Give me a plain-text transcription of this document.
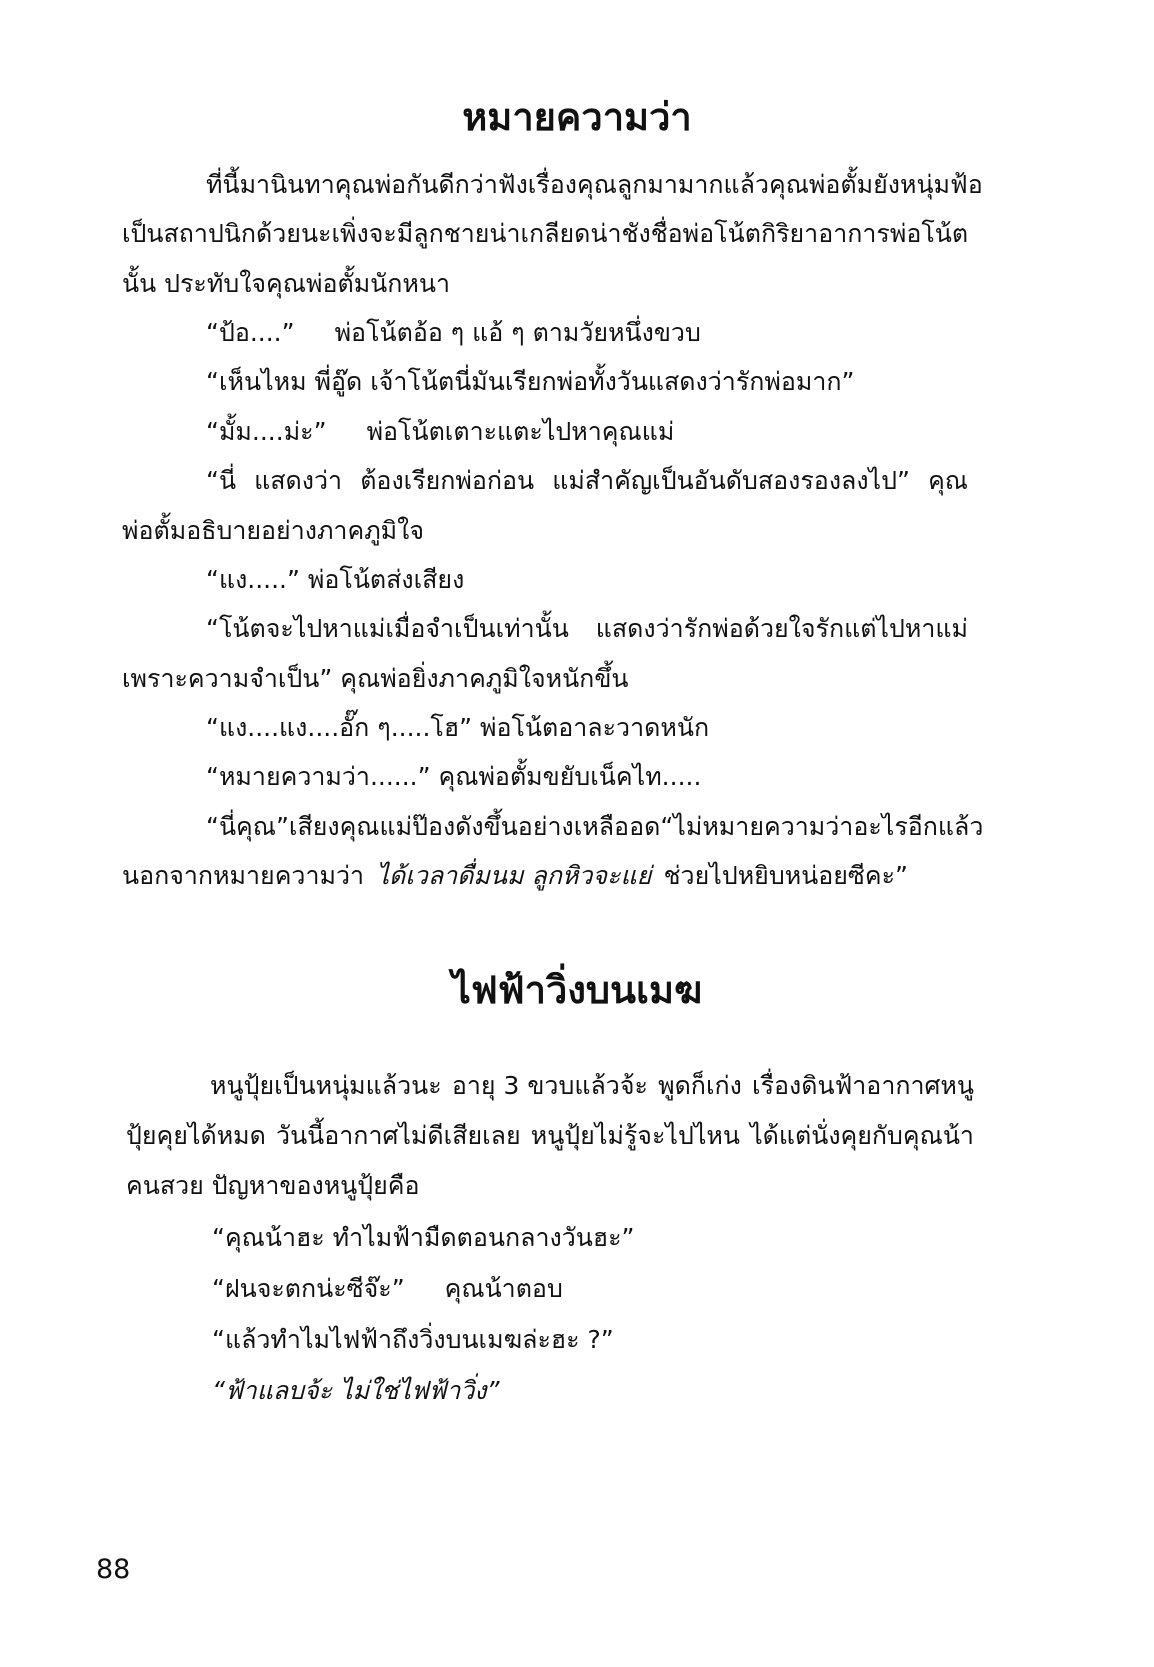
หมายความว่า

ที่นี้มานินทาคุณพ่อกันดีกว่าฟังเรื่องคุณลูกมามากแล้ว คุณพ่อตั้มยังหนุ่มฟ้อ

เป็นสถาปนิกด้วยนะ เพิ่งจะมีลูกชายน่าเกลียดน่าชังชื่อพ่อโน้ต กิริยาอาการพ่อโน้ต

นั้น ประทับใจคุณพ่อตั้มนักหนา

“ป้อ....” พ่อโน้ตอ้อ ๆ แอ้ ๆ ตามวัยหนึ่งขวบ

“เห็นไหม พี่อู๊ด เจ้าโน้ตนี่มันเรียกพ่อทั้งวันแสดงว่ารักพ่อมาก”

“มั้ม....ม่ะ” พ่อโน้ตเตาะแตะไปหาคุณแม่

“นี่ แสดงว่า ต้องเรียกพ่อก่อน แม่สำคัญเป็นอันดับสองรองลงไป” คุณ

พ่อตั้มอธิบายอย่างภาคภูมิใจ

“แง.....” พ่อโน้ตส่งเสียง

“โน้ตจะไปหาแม่เมื่อจำเป็นเท่านั้น แสดงว่ารักพ่อด้วยใจรักแต่ไปหาแม่

เพราะความจำเป็น” คุณพ่อยิ่งภาคภูมิใจหนักขึ้น

“แง....แง....อั๊ก ๆ.....โฮ” พ่อโน้ตอาละวาดหนัก

“หมายความว่า......” คุณพ่อตั้มขยับเน็คไท.....

“นี่คุณ” เสียงคุณแม่ป๊องดังขึ้นอย่างเหลืออด“ไม่หมายความว่าอะไรอีกแล้ว

นอกจากหมายความว่า ได้เวลาดื่มนม ลูกหิวจะแย่ ช่วยไปหยิบหน่อยซีคะ”

ไฟฟ้าวิ่งบนเมฆ

หนูปุ้ยเป็นหนุ่มแล้วนะ อายุ 3 ขวบแล้วจ้ะ พูดก็เก่ง เรื่องดินฟ้าอากาศหนู

ปุ้ยคุยได้หมด วันนี้อากาศไม่ดีเสียเลย หนูปุ้ยไม่รู้จะไปไหน ได้แต่นั่งคุยกับคุณน้า

คนสวย ปัญหาของหนูปุ้ยคือ

“คุณน้าฮะ ทำไมฟ้ามืดตอนกลางวันฮะ”

“ฝนจะตกน่ะซีจ๊ะ” คุณน้าตอบ

“แล้วทำไมไฟฟ้าถึงวิ่งบนเมฆล่ะฮะ ?”

“ฟ้าแลบจ้ะ ไม่ใช่ไฟฟ้าวิ่ง”

88
